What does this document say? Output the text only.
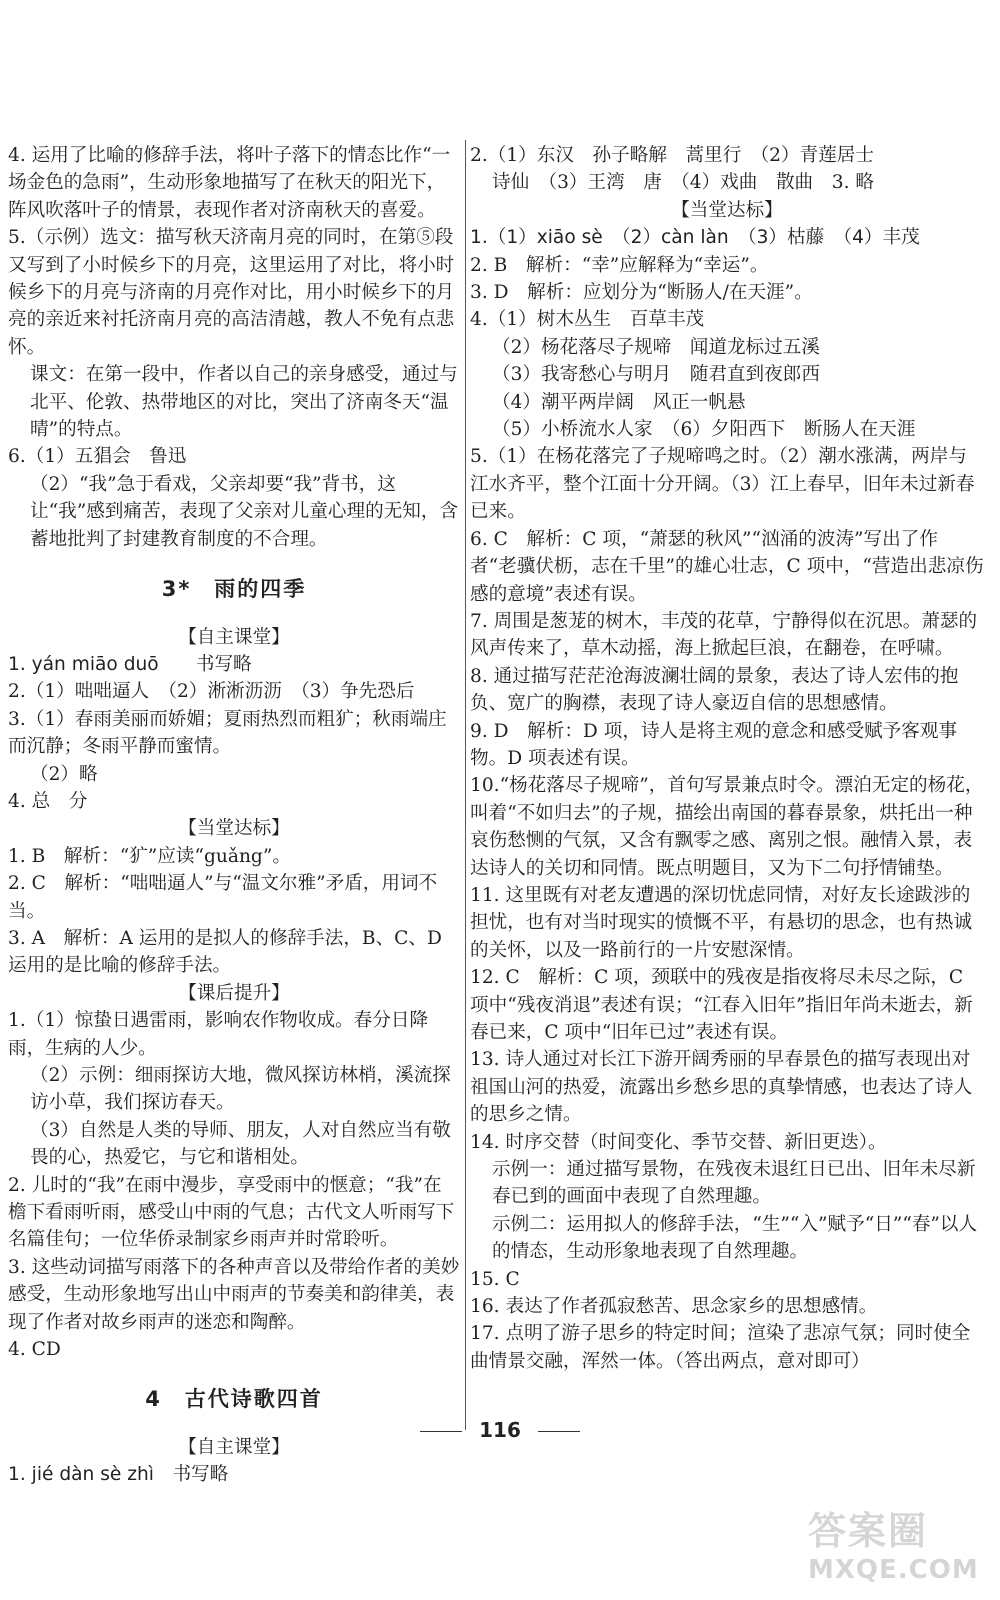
4. 运用了比喻的修辞手法，将叶子落下的情态比作“一场金色的急雨”，生动形象地描写了在秋天的阳光下，阵风吹落叶子的情景，表现作者对济南秋天的喜爱。

5.（示例）选文：描写秋天济南月亮的同时，在第⑤段又写到了小时候乡下的月亮，这里运用了对比，将小时候乡下的月亮与济南的月亮作对比，用小时候乡下的月亮的亲近来衬托济南月亮的高洁清越，教人不免有点悲怀。

课文：在第一段中，作者以自己的亲身感受，通过与北平、伦敦、热带地区的对比，突出了济南冬天“温晴”的特点。

6.（1）五猖会　鲁迅

（2）“我”急于看戏，父亲却要“我”背书，这让“我”感到痛苦，表现了父亲对儿童心理的无知，含蓄地批判了封建教育制度的不合理。

3*　雨的四季

【自主课堂】

1. yán miāo duō　　书写略

2.（1）咄咄逼人　（2）淅淅沥沥　（3）争先恐后

3.（1）春雨美丽而娇媚；夏雨热烈而粗犷；秋雨端庄而沉静；冬雨平静而蜜情。

（2）略

4. 总　分

【当堂达标】

1. B　解析：“犷”应读“guǎng”。

2. C　解析：“咄咄逼人”与“温文尔雅”矛盾，用词不当。

3. A　解析：A 运用的是拟人的修辞手法，B、C、D 运用的是比喻的修辞手法。

【课后提升】

1.（1）惊蛰日遇雷雨，影响农作物收成。春分日降雨，生病的人少。

（2）示例：细雨探访大地，微风探访林梢，溪流探访小草，我们探访春天。

（3）自然是人类的导师、朋友，人对自然应当有敬畏的心，热爱它，与它和谐相处。

2. 儿时的“我”在雨中漫步，享受雨中的惬意；“我”在檐下看雨听雨，感受山中雨的气息；古代文人听雨写下名篇佳句；一位华侨录制家乡雨声并时常聆听。

3. 这些动词描写雨落下的各种声音以及带给作者的美妙感受，生动形象地写出山中雨声的节奏美和韵律美，表现了作者对故乡雨声的迷恋和陶醉。

4. CD

4　古代诗歌四首

【自主课堂】

1. jié dàn sè zhì　书写略

2.（1）东汉　孙子略解　蒿里行　（2）青莲居士

诗仙　（3）王湾　唐　（4）戏曲　散曲　3. 略

【当堂达标】

1.（1）xiāo sè　（2）càn làn　（3）枯藤　（4）丰茂

2. B　解析：“幸”应解释为“幸运”。

3. D　解析：应划分为“断肠人/在天涯”。

4.（1）树木丛生　百草丰茂

（2）杨花落尽子规啼　闻道龙标过五溪

（3）我寄愁心与明月　随君直到夜郎西

（4）潮平两岸阔　风正一帆悬

（5）小桥流水人家　（6）夕阳西下　断肠人在天涯

5.（1）在杨花落完了子规啼鸣之时。（2）潮水涨满，两岸与江水齐平，整个江面十分开阔。（3）江上春早，旧年未过新春已来。

6. C　解析：C 项，“萧瑟的秋风”“汹涌的波涛”写出了作者“老骥伏枥，志在千里”的雄心壮志，C 项中，“营造出悲凉伤感的意境”表述有误。

7. 周围是葱茏的树木，丰茂的花草，宁静得似在沉思。萧瑟的风声传来了，草木动摇，海上掀起巨浪，在翻卷，在呼啸。

8. 通过描写茫茫沧海波澜壮阔的景象，表达了诗人宏伟的抱负、宽广的胸襟，表现了诗人豪迈自信的思想感情。

9. D　解析：D 项，诗人是将主观的意念和感受赋予客观事物。D 项表述有误。

10.“杨花落尽子规啼”，首句写景兼点时令。漂泊无定的杨花，叫着“不如归去”的子规，描绘出南国的暮春景象，烘托出一种哀伤愁恻的气氛，又含有飘零之感、离别之恨。融情入景，表达诗人的关切和同情。既点明题目，又为下二句抒情铺垫。

11. 这里既有对老友遭遇的深切忧虑同情，对好友长途跋涉的担忧，也有对当时现实的愤慨不平，有悬切的思念，也有热诚的关怀，以及一路前行的一片安慰深情。

12. C　解析：C 项，颈联中的残夜是指夜将尽未尽之际，C 项中“残夜消退”表述有误；“江春入旧年”指旧年尚未逝去，新春已来，C 项中“旧年已过”表述有误。

13. 诗人通过对长江下游开阔秀丽的早春景色的描写表现出对祖国山河的热爱，流露出乡愁乡思的真挚情感，也表达了诗人的思乡之情。

14. 时序交替（时间变化、季节交替、新旧更迭）。

示例一：通过描写景物，在残夜未退红日已出、旧年未尽新春已到的画面中表现了自然理趣。

示例二：运用拟人的修辞手法，“生”“入”赋予“日”“春”以人的情态，生动形象地表现了自然理趣。

15. C

16. 表达了作者孤寂愁苦、思念家乡的思想感情。

17. 点明了游子思乡的特定时间；渲染了悲凉气氛；同时使全曲情景交融，浑然一体。（答出两点，意对即可）

116
答案圈
MXQE.COM
